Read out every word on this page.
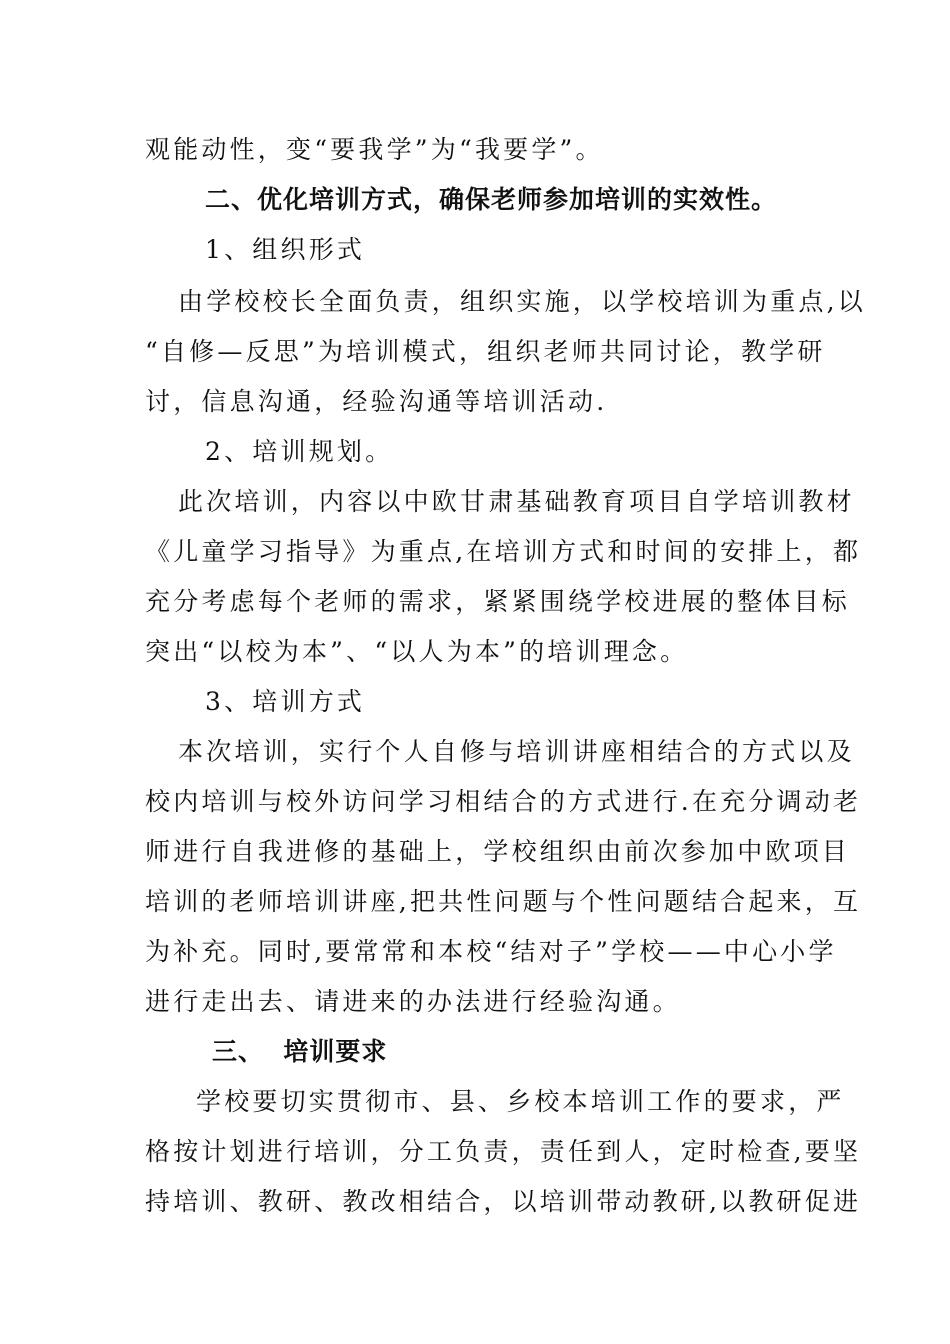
观能动性，变“要我学”为“我要学”。
二、优化培训方式，确保老师参加培训的实效性。
1、组织形式
由学校校长全面负责，组织实施，以学校培训为重点,以
“自修—反思”为培训模式，组织老师共同讨论，教学研
讨，信息沟通，经验沟通等培训活动.
2、培训规划。
此次培训，内容以中欧甘肃基础教育项目自学培训教材
《儿童学习指导》为重点,在培训方式和时间的安排上，都
充分考虑每个老师的需求，紧紧围绕学校进展的整体目标
突出“以校为本”、“以人为本”的培训理念。
3、培训方式
本次培训，实行个人自修与培训讲座相结合的方式以及
校内培训与校外访问学习相结合的方式进行.在充分调动老
师进行自我进修的基础上，学校组织由前次参加中欧项目
培训的老师培训讲座,把共性问题与个性问题结合起来，互
为补充。同时,要常常和本校“结对子”学校——中心小学
进行走出去、请进来的办法进行经验沟通。
三、  培训要求
学校要切实贯彻市、县、乡校本培训工作的要求，严
格按计划进行培训，分工负责，责任到人，定时检查,要坚
持培训、教研、教改相结合，以培训带动教研,以教研促进
